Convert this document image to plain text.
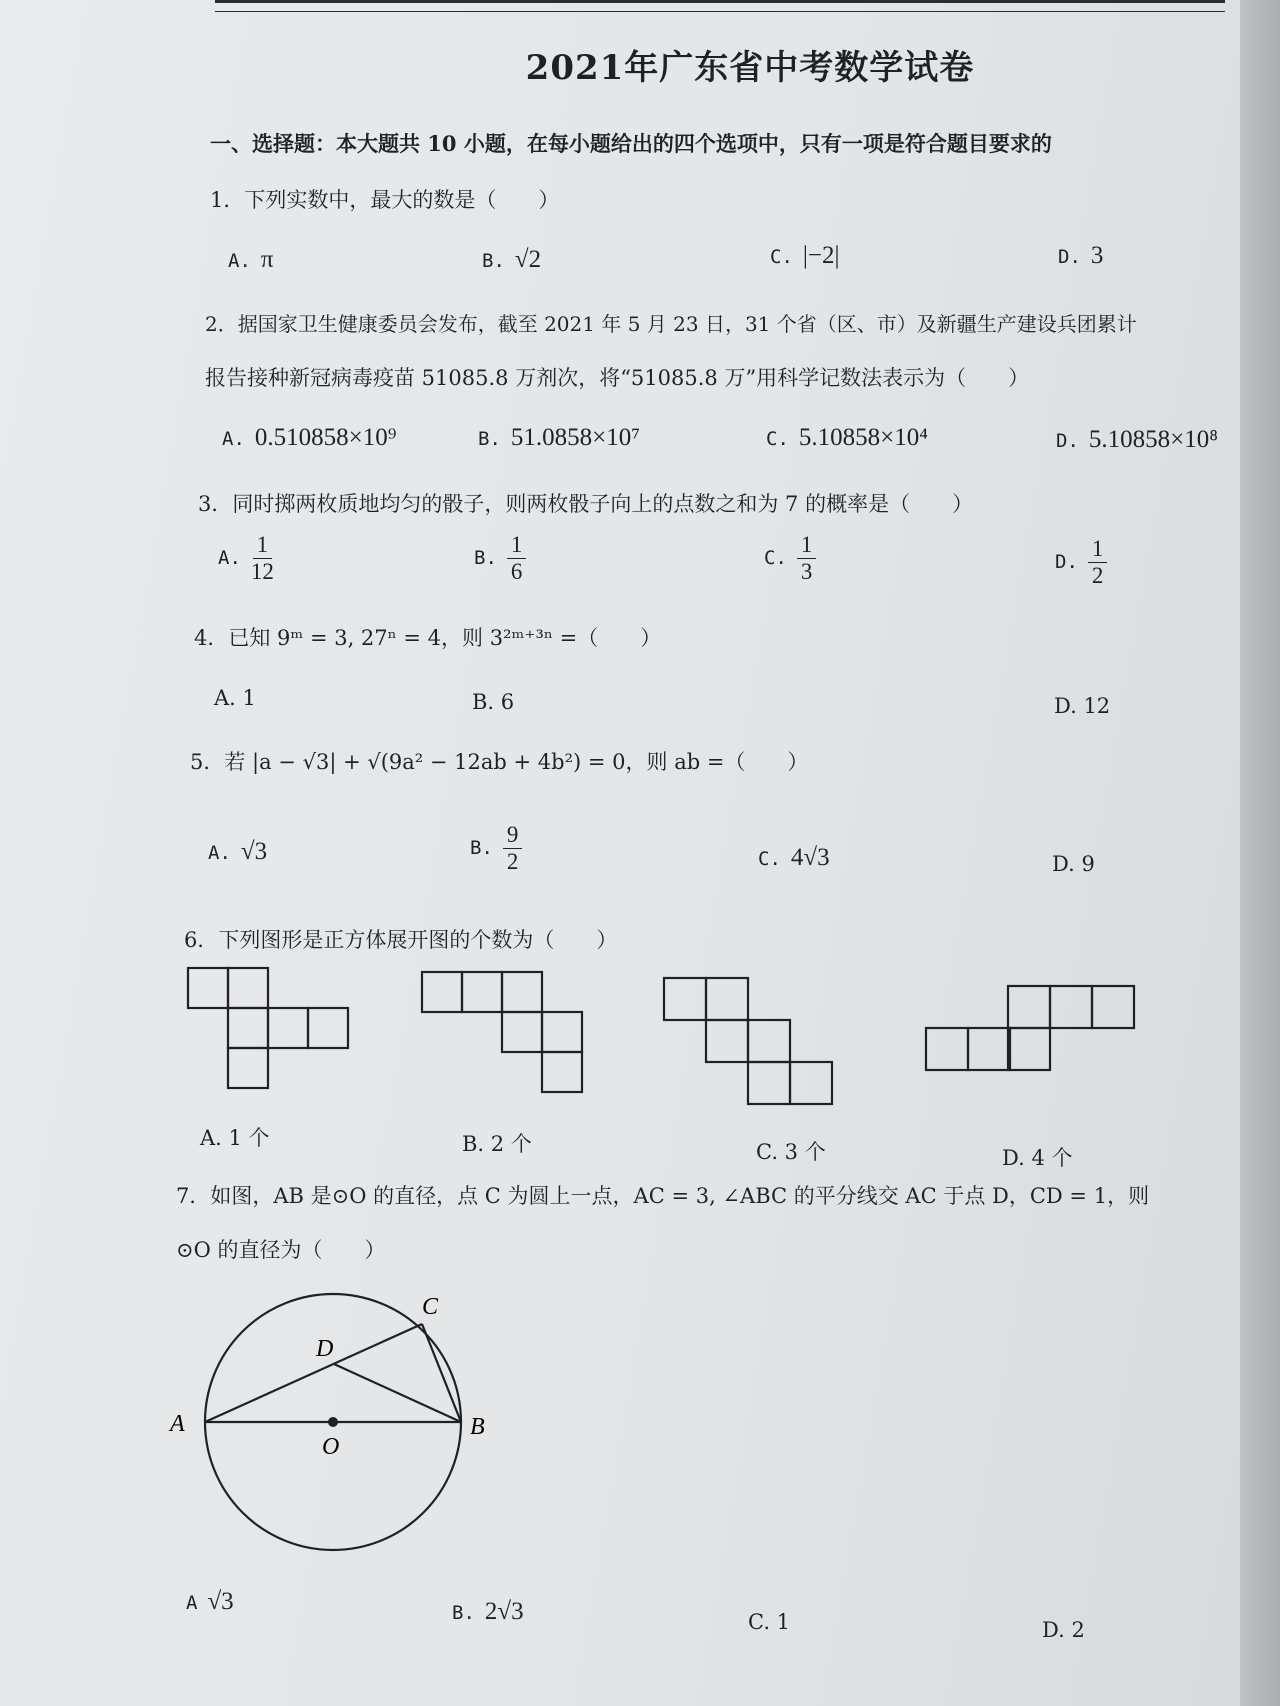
2021年广东省中考数学试卷
一、选择题：本大题共 10 小题，在每小题给出的四个选项中，只有一项是符合题目要求的
1．下列实数中，最大的数是（　　）
A. π	B. √2	C. |−2|	D. 3
2．据国家卫生健康委员会发布，截至 2021 年 5 月 23 日，31 个省（区、市）及新疆生产建设兵团累计
报告接种新冠病毒疫苗 51085.8 万剂次，将“51085.8 万”用科学记数法表示为（　　）
A. 0.510858×10⁹	B. 51.0858×10⁷	C. 5.10858×10⁴	D. 5.10858×10⁸
3．同时掷两枚质地均匀的骰子，则两枚骰子向上的点数之和为 7 的概率是（　　）
A. $\frac{1}{12}$	B. $\frac{1}{6}$	C. $\frac{1}{3}$	D. $\frac{1}{2}$
4．已知 9ᵐ = 3, 27ⁿ = 4，则 3²ᵐ⁺³ⁿ =（　　）
A. 1	B. 6	D. 12
5．若 |a − √3| + √(9a² − 12ab + 4b²) = 0，则 ab =（　　）
A. √3	B. $\frac{9}{2}$	C. 4√3	D. 9
6．下列图形是正方体展开图的个数为（　　）
A. 1 个	B. 2 个	C. 3 个	D. 4 个
7．如图，AB 是⊙O 的直径，点 C 为圆上一点，AC = 3, ∠ABC 的平分线交 AC 于点 D，CD = 1，则
⊙O 的直径为（　　）
A	B
C
D
O
A √3	B. 2√3	C. 1	D. 2
